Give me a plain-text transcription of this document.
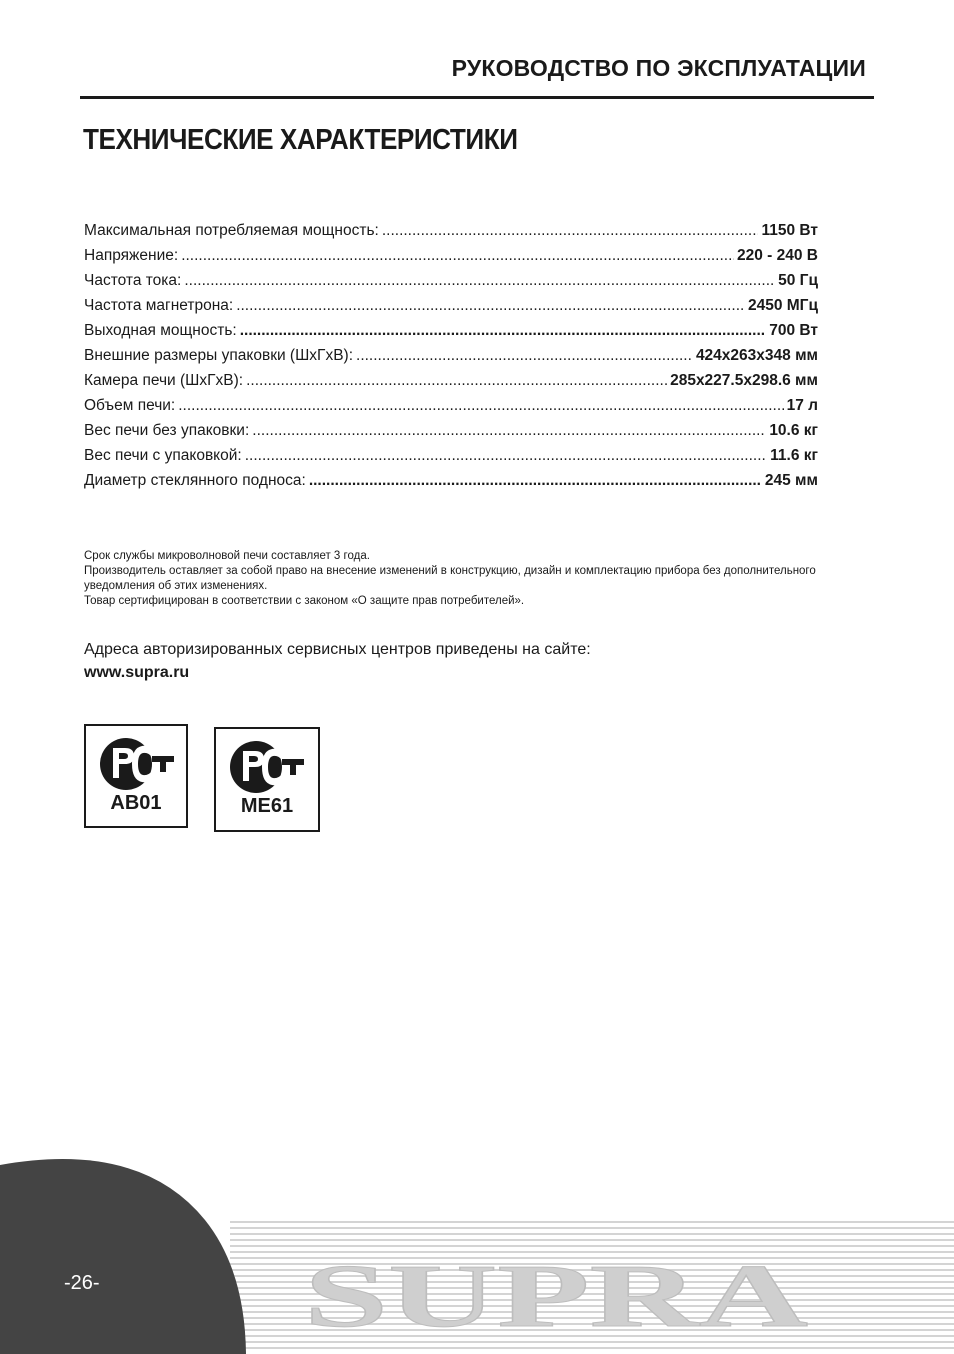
РУКОВОДСТВО ПО ЭКСПЛУАТАЦИИ
ТЕХНИЧЕСКИЕ ХАРАКТЕРИСТИКИ
Максимальная потребляемая мощность: .....	1150 Вт
Напряжение: .....	220 - 240 В
Частота тока: .....	50 Гц
Частота магнетрона: .....	2450 МГц
Выходная мощность: .....	700 Вт
Внешние размеры упаковки (ШхГхВ): .....	424x263x348 мм
Камера печи (ШхГхВ): .....	285x227.5x298.6 мм
Объем печи: .....	17 л
Вес печи без упаковки: .....	10.6 кг
Вес печи с упаковкой: .....	11.6 кг
Диаметр стеклянного подноса: .....	245 мм

Срок службы микроволновой печи составляет 3 года.

Производитель оставляет за собой право на внесение изменений в конструкцию, дизайн и комплектацию прибора без дополнительного уведомления об этих изменениях.

Товар сертифицирован в соответствии с законом «О защите прав потребителей».

Адреса авторизированных сервисных центров приведены на сайте:

www.supra.ru

AB01	ME61
SUPRA
-26-
